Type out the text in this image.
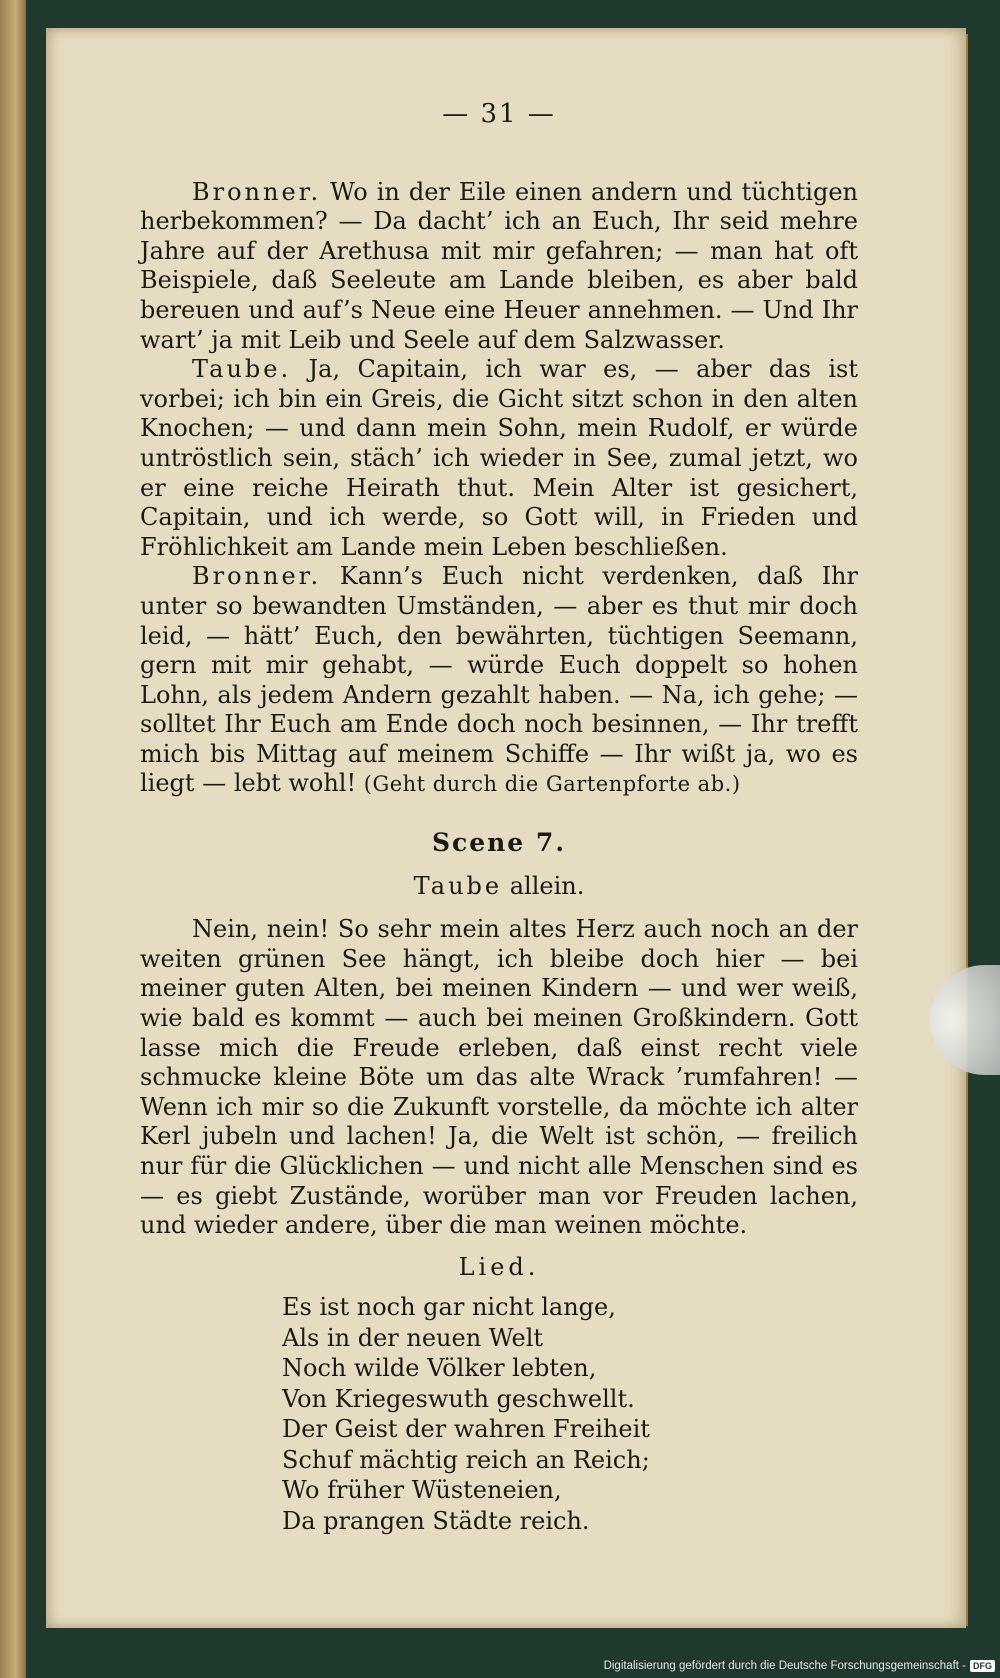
— 31 —

Bronner. Wo in der Eile einen andern und tüchtigen herbekommen? — Da dacht’ ich an Euch, Ihr seid mehre Jahre auf der Arethusa mit mir gefahren; — man hat oft Beispiele, daß Seeleute am Lande bleiben, es aber bald bereuen und auf’s Neue eine Heuer annehmen. — Und Ihr wart’ ja mit Leib und Seele auf dem Salzwasser.

Taube. Ja, Capitain, ich war es, — aber das ist vorbei; ich bin ein Greis, die Gicht sitzt schon in den alten Knochen; — und dann mein Sohn, mein Rudolf, er würde untröstlich sein, stäch’ ich wieder in See, zumal jetzt, wo er eine reiche Heirath thut. Mein Alter ist gesichert, Capitain, und ich werde, so Gott will, in Frieden und Fröhlichkeit am Lande mein Leben beschließen.

Bronner. Kann’s Euch nicht verdenken, daß Ihr unter so bewandten Umständen, — aber es thut mir doch leid, — hätt’ Euch, den bewährten, tüchtigen Seemann, gern mit mir gehabt, — würde Euch doppelt so hohen Lohn, als jedem Andern gezahlt haben. — Na, ich gehe; — solltet Ihr Euch am Ende doch noch besinnen, — Ihr trefft mich bis Mittag auf meinem Schiffe — Ihr wißt ja, wo es liegt — lebt wohl! (Geht durch die Gartenpforte ab.)

Scene 7.
Taube allein.

Nein, nein! So sehr mein altes Herz auch noch an der weiten grünen See hängt, ich bleibe doch hier — bei meiner guten Alten, bei meinen Kindern — und wer weiß, wie bald es kommt — auch bei meinen Großkindern. Gott lasse mich die Freude erleben, daß einst recht viele schmucke kleine Böte um das alte Wrack ’rumfahren! — Wenn ich mir so die Zukunft vorstelle, da möchte ich alter Kerl jubeln und lachen! Ja, die Welt ist schön, — freilich nur für die Glücklichen — und nicht alle Menschen sind es — es giebt Zustände, worüber man vor Freuden lachen, und wieder andere, über die man weinen möchte.

Lied.
Es ist noch gar nicht lange,
Als in der neuen Welt
Noch wilde Völker lebten,
Von Kriegeswuth geschwellt.
Der Geist der wahren Freiheit
Schuf mächtig reich an Reich;
Wo früher Wüsteneien,
Da prangen Städte reich.
Digitalisierung gefördert durch die Deutsche Forschungsgemeinschaft - DFG
